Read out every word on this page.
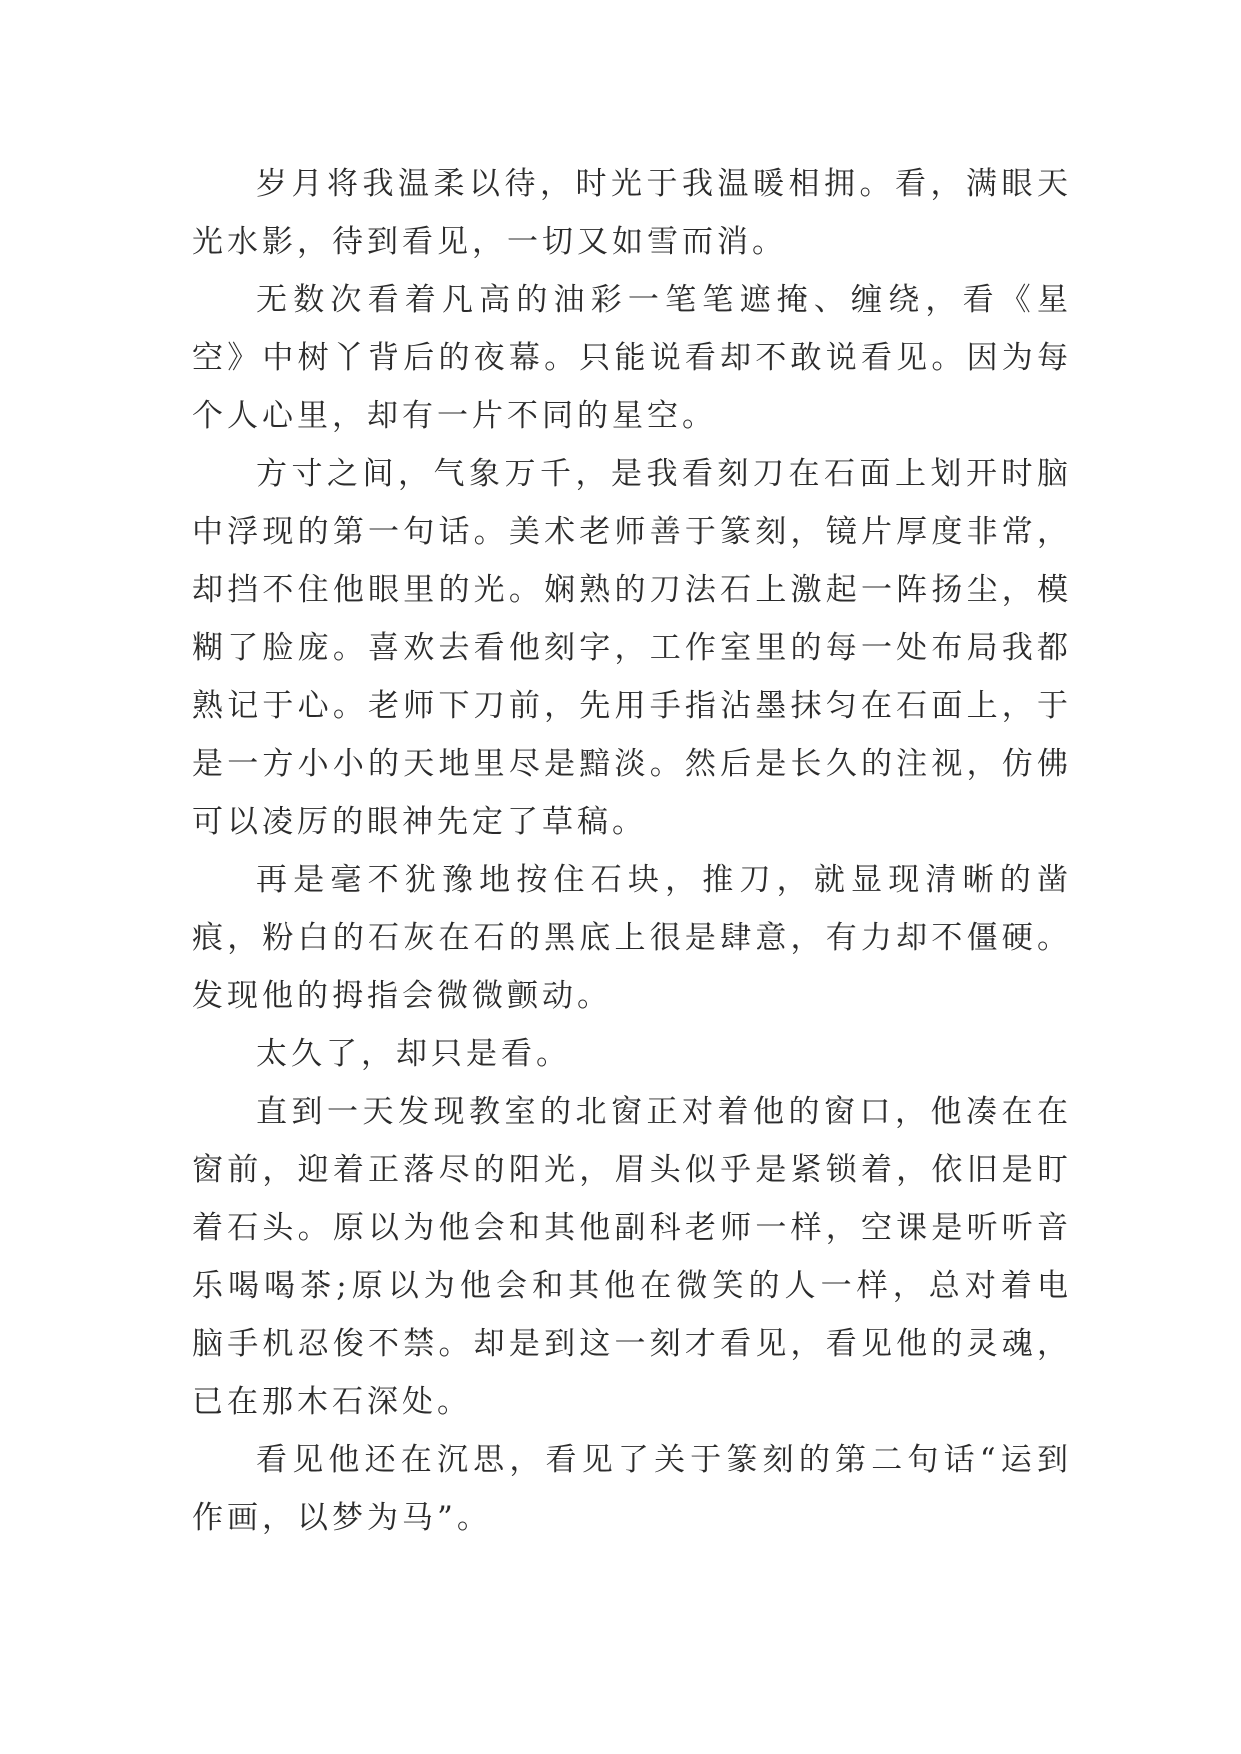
岁月将我温柔以待，时光于我温暖相拥。看，满眼天光水影，待到看见，一切又如雪而消。

无数次看着凡高的油彩一笔笔遮掩、缠绕，看《星空》中树丫背后的夜幕。只能说看却不敢说看见。因为每个人心里，却有一片不同的星空。

方寸之间，气象万千，是我看刻刀在石面上划开时脑中浮现的第一句话。美术老师善于篆刻，镜片厚度非常，却挡不住他眼里的光。娴熟的刀法石上激起一阵扬尘，模糊了脸庞。喜欢去看他刻字，工作室里的每一处布局我都熟记于心。老师下刀前，先用手指沾墨抹匀在石面上，于是一方小小的天地里尽是黯淡。然后是长久的注视，仿佛可以凌厉的眼神先定了草稿。

再是毫不犹豫地按住石块，推刀，就显现清晰的凿痕，粉白的石灰在石的黑底上很是肆意，有力却不僵硬。发现他的拇指会微微颤动。

太久了，却只是看。

直到一天发现教室的北窗正对着他的窗口，他凑在在窗前，迎着正落尽的阳光，眉头似乎是紧锁着，依旧是盯着石头。原以为他会和其他副科老师一样，空课是听听音乐喝喝茶;原以为他会和其他在微笑的人一样，总对着电脑手机忍俊不禁。却是到这一刻才看见，看见他的灵魂，已在那木石深处。

看见他还在沉思，看见了关于篆刻的第二句话“运到作画，以梦为马”。
